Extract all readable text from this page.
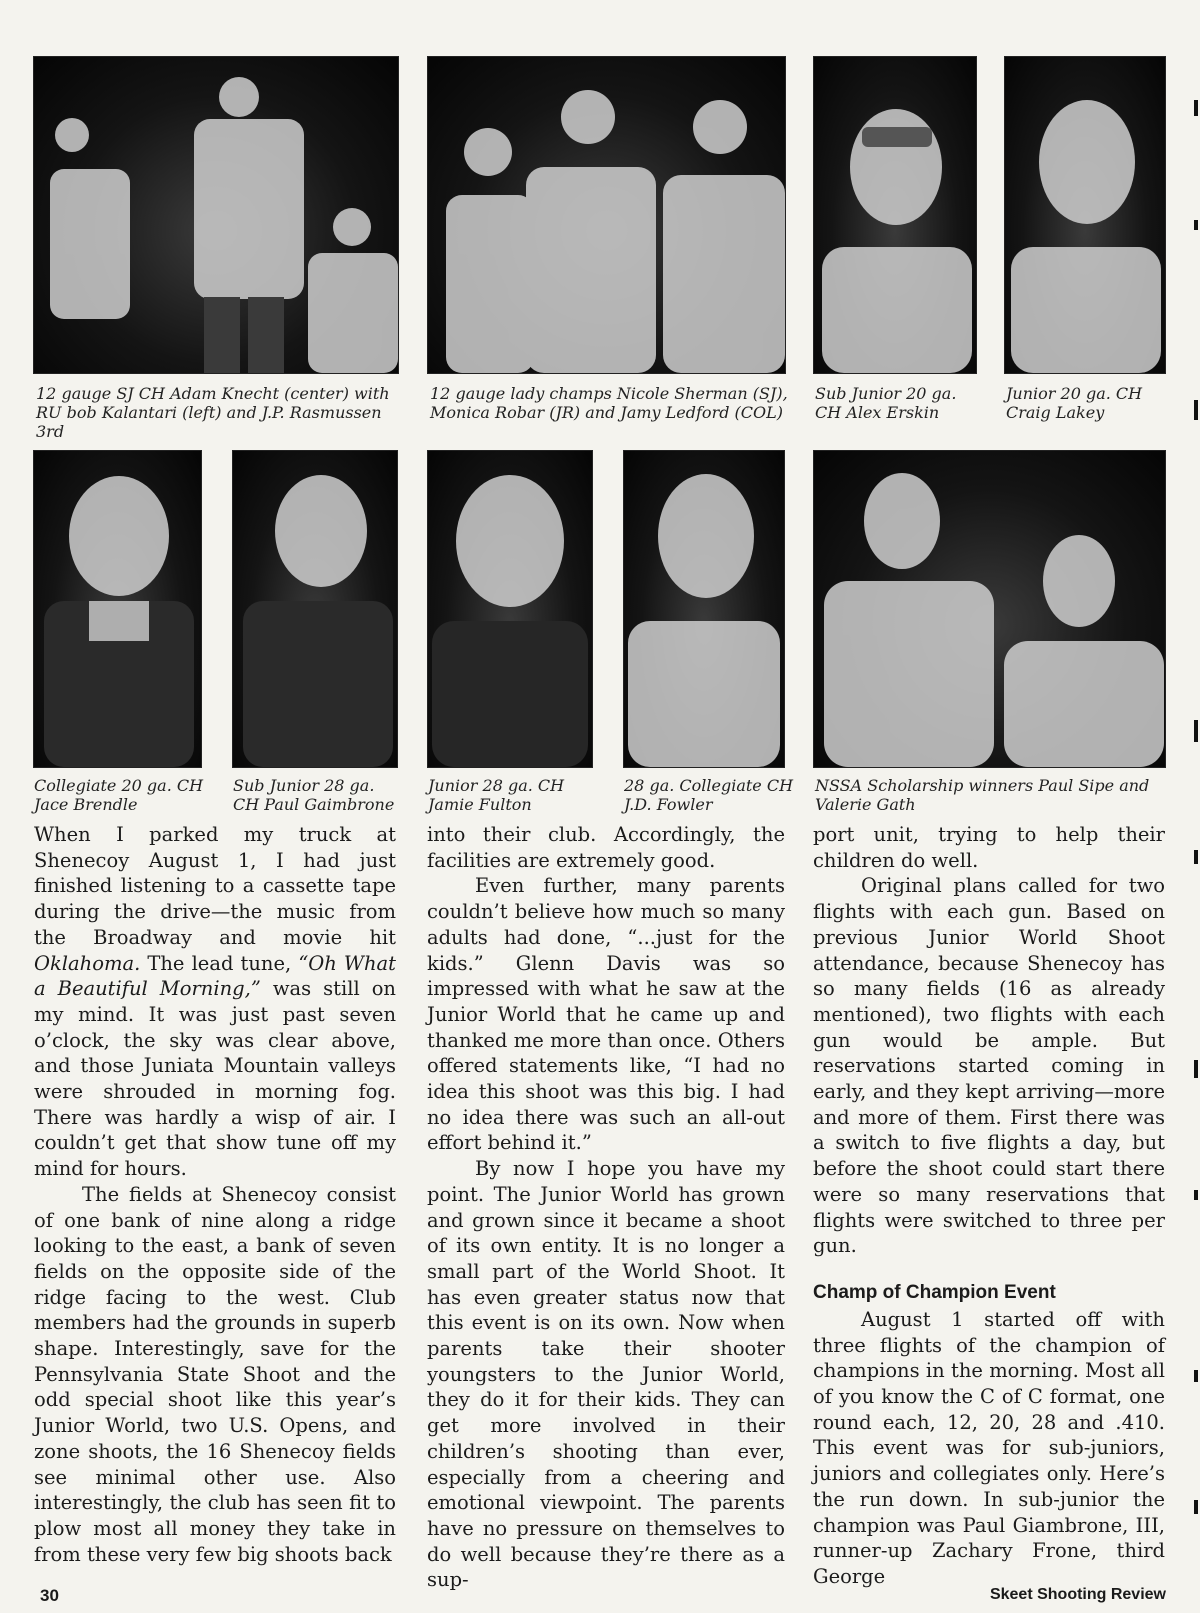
12 gauge SJ CH Adam Knecht (center) with RU bob Kalantari (left) and J.P. Rasmussen 3rd
12 gauge lady champs Nicole Sherman (SJ), Monica Robar (JR) and Jamy Ledford (COL)
Sub Junior 20 ga. CH Alex Erskin
Junior 20 ga. CH Craig Lakey
Collegiate 20 ga. CH Jace Brendle
Sub Junior 28 ga. CH Paul Gaimbrone
Junior 28 ga. CH Jamie Fulton
28 ga. Collegiate CH J.D. Fowler
NSSA Scholarship winners Paul Sipe and Valerie Gath

When I parked my truck at Shenecoy August 1, I had just finished listening to a cassette tape during the drive—the music from the Broadway and movie hit Oklahoma. The lead tune, “Oh What a Beautiful Morning,” was still on my mind. It was just past seven o’clock, the sky was clear above, and those Juniata Mountain valleys were shrouded in morning fog. There was hardly a wisp of air. I couldn’t get that show tune off my mind for hours.

The fields at Shenecoy consist of one bank of nine along a ridge looking to the east, a bank of seven fields on the opposite side of the ridge facing to the west. Club members had the grounds in superb shape. Interestingly, save for the Pennsylvania State Shoot and the odd special shoot like this year’s Junior World, two U.S. Opens, and zone shoots, the 16 Shenecoy fields see minimal other use. Also interestingly, the club has seen fit to plow most all money they take in from these very few big shoots back

into their club. Accordingly, the facilities are extremely good.

Even further, many parents couldn’t believe how much so many adults had done, “...just for the kids.” Glenn Davis was so impressed with what he saw at the Junior World that he came up and thanked me more than once. Others offered statements like, “I had no idea this shoot was this big. I had no idea there was such an all-out effort behind it.”

By now I hope you have my point. The Junior World has grown and grown since it became a shoot of its own entity. It is no longer a small part of the World Shoot. It has even greater status now that this event is on its own. Now when parents take their shooter youngsters to the Junior World, they do it for their kids. They can get more involved in their children’s shooting than ever, especially from a cheering and emotional viewpoint. The parents have no pressure on themselves to do well because they’re there as a sup-

port unit, trying to help their children do well.

Original plans called for two flights with each gun. Based on previous Junior World Shoot attendance, because Shenecoy has so many fields (16 as already mentioned), two flights with each gun would be ample. But reservations started coming in early, and they kept arriving—more and more of them. First there was a switch to five flights a day, but before the shoot could start there were so many reservations that flights were switched to three per gun.

Champ of Champion Event

August 1 started off with three flights of the champion of champions in the morning. Most all of you know the C of C format, one round each, 12, 20, 28 and .410. This event was for sub-juniors, juniors and collegiates only. Here’s the run down. In sub-junior the champion was Paul Giambrone, III, runner-up Zachary Frone, third George

30	Skeet Shooting Review
